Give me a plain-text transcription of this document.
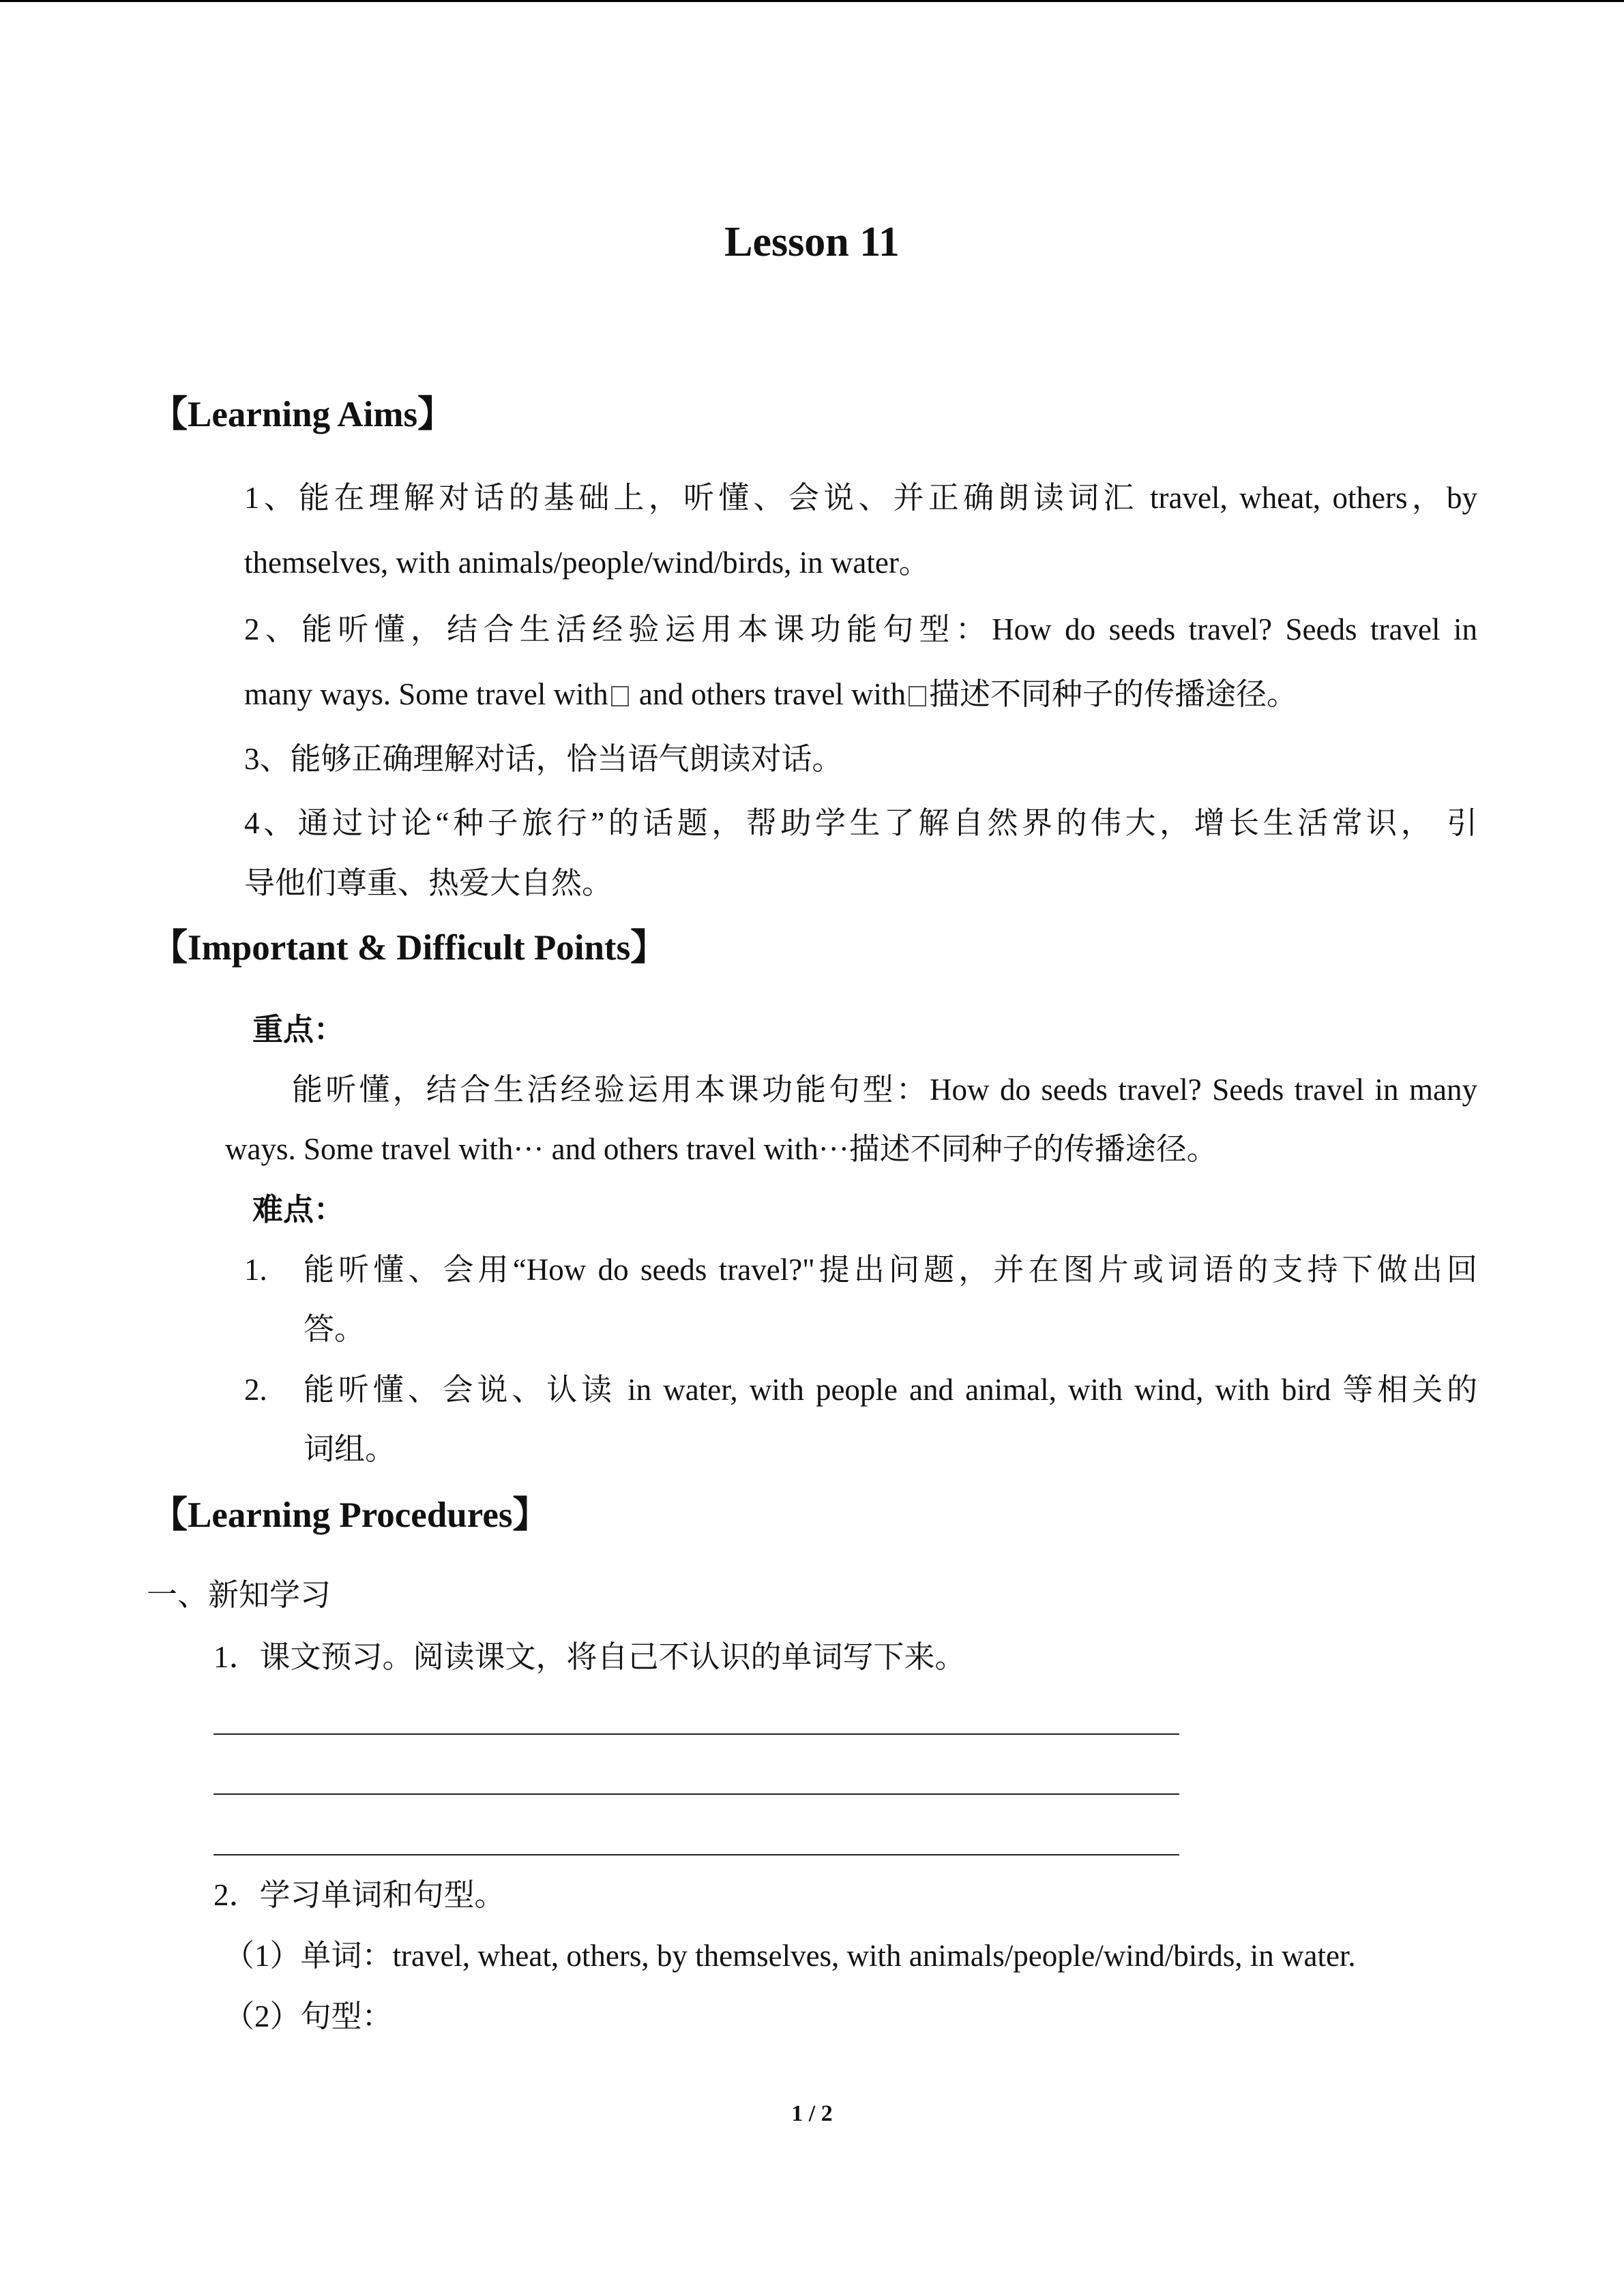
Lesson 11
【Learning Aims】
1、能在理解对话的基础上，听懂、会说、并正确朗读词汇 travel, wheat, others，by
themselves, with animals/people/wind/birds, in water。
2、能听懂，结合生活经验运用本课功能句型：How do seeds travel? Seeds travel in
many ways. Some travel with and others travel with 描述不同种子的传播途径。
3、能够正确理解对话，恰当语气朗读对话。
4、通过讨论“种子旅行”的话题，帮助学生了解自然界的伟大，增长生活常识， 引
导他们尊重、热爱大自然。
【Important & Difficult Points】
重点：
能听懂，结合生活经验运用本课功能句型：How do seeds travel? Seeds travel in many
ways. Some travel with··· and others travel with···描述不同种子的传播途径。
难点：
1. 能听懂、会用“How do seeds travel?"提出问题，并在图片或词语的支持下做出回
答。
2. 能听懂、会说、认读 in water, with people and animal, with wind, with bird 等相关的
词组。
【Learning Procedures】
一、新知学习
1．课文预习。阅读课文，将自己不认识的单词写下来。
2．学习单词和句型。
（1）单词：travel, wheat, others, by themselves, with animals/people/wind/birds, in water.
（2）句型：
1 / 2
